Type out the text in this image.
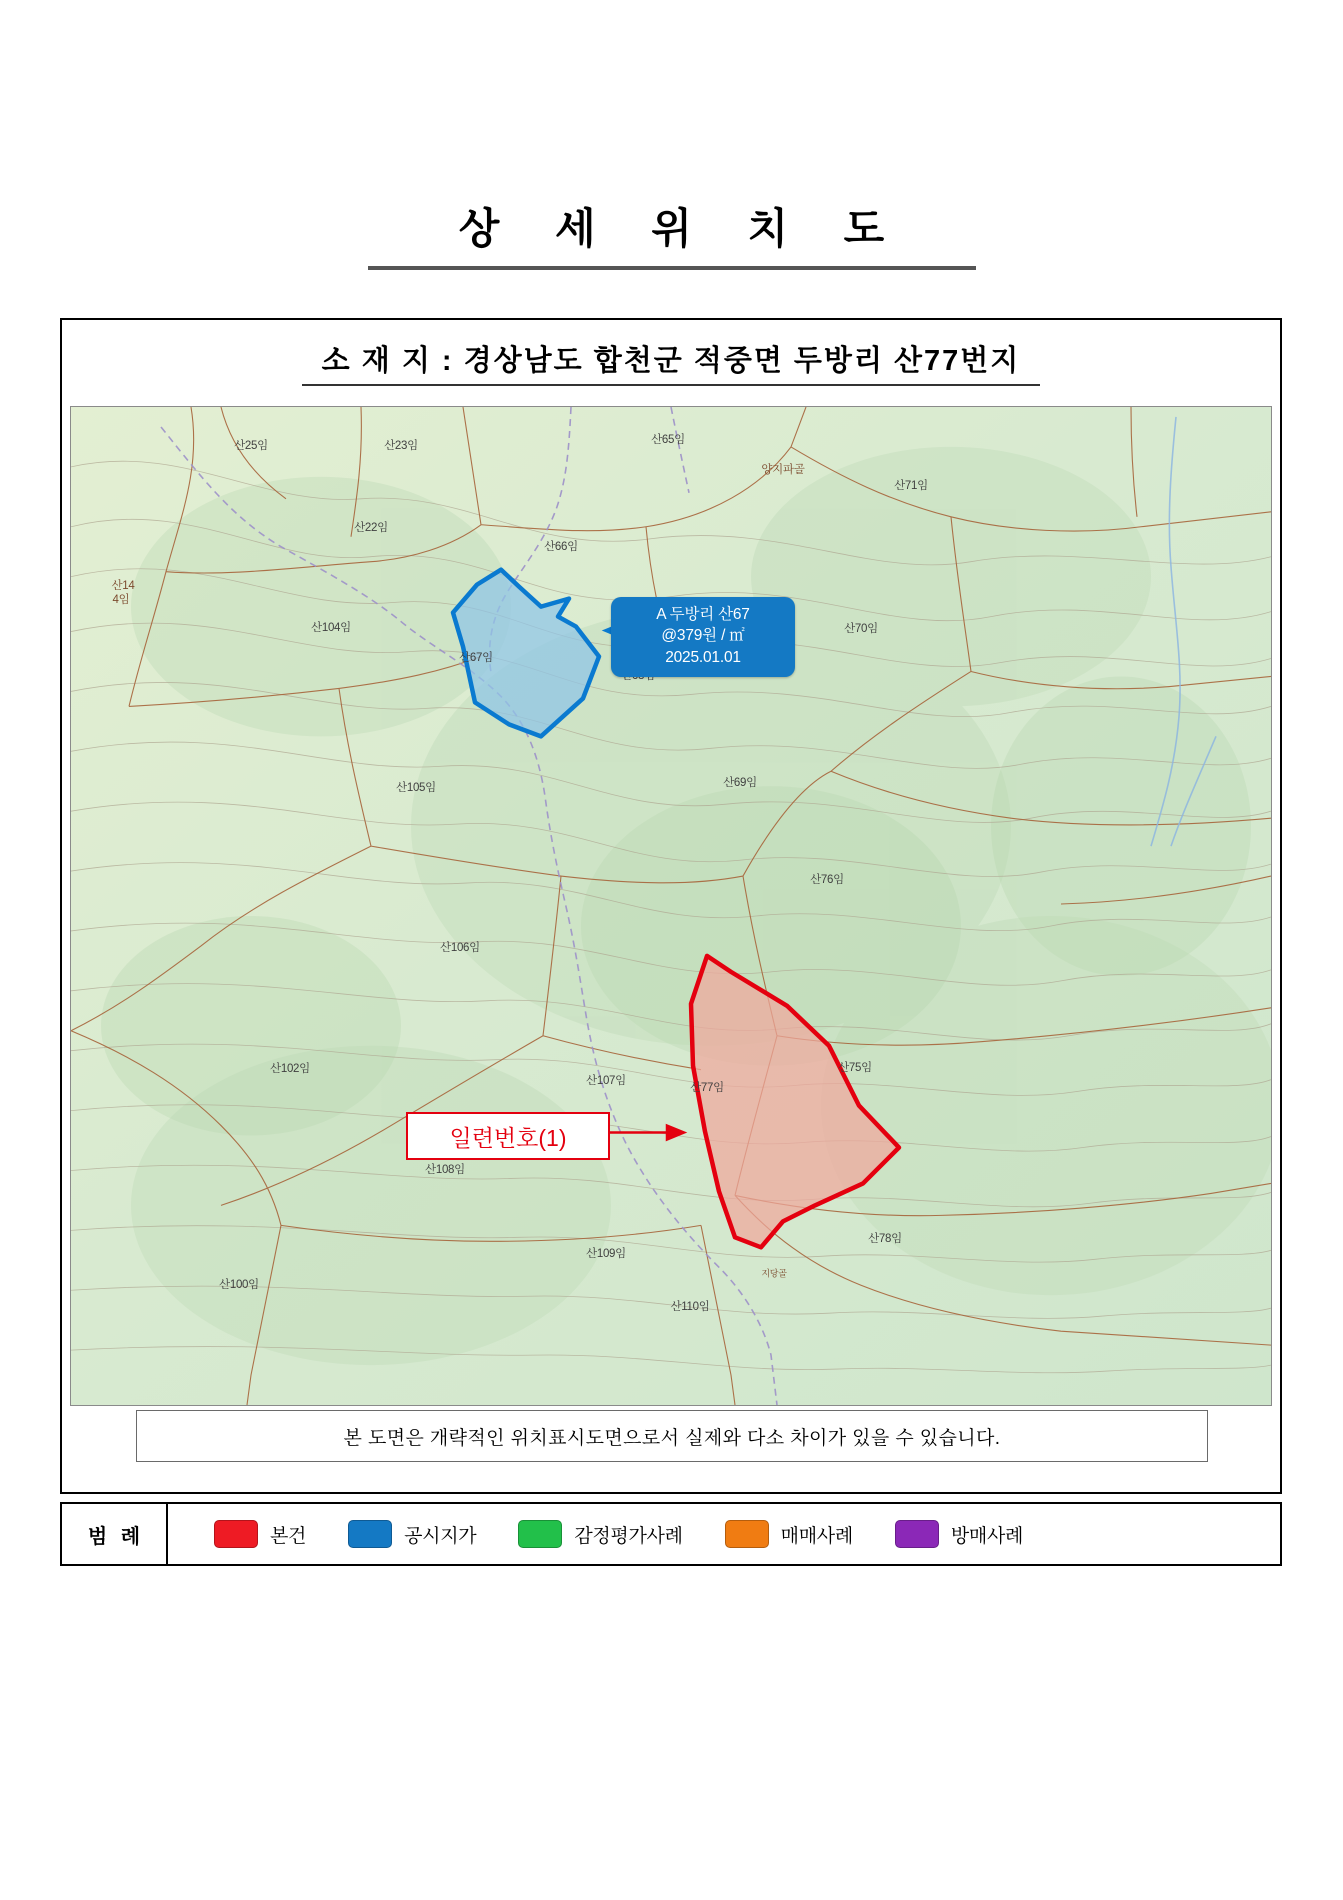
상 세 위 치 도
소 재 지 : 경상남도 합천군 적중면 두방리 산77번지
산25임	산23임	산65임
양지파골
산71임
산22임
산66임
산14
4임
산104임
산67임
산70임
산105임	산69임
산76임
산106임
산102임
산107임
산77임
산75임
산108임
산78임
산109임
산100임
산110임
지당골
A 두방리 산67
@379원 / ㎡
2025.01.01
일련번호(1)
본 도면은 개략적인 위치표시도면으로서 실제와 다소 차이가 있을 수 있습니다.
범 례	본건	공시지가	감정평가사례	매매사례	방매사례
